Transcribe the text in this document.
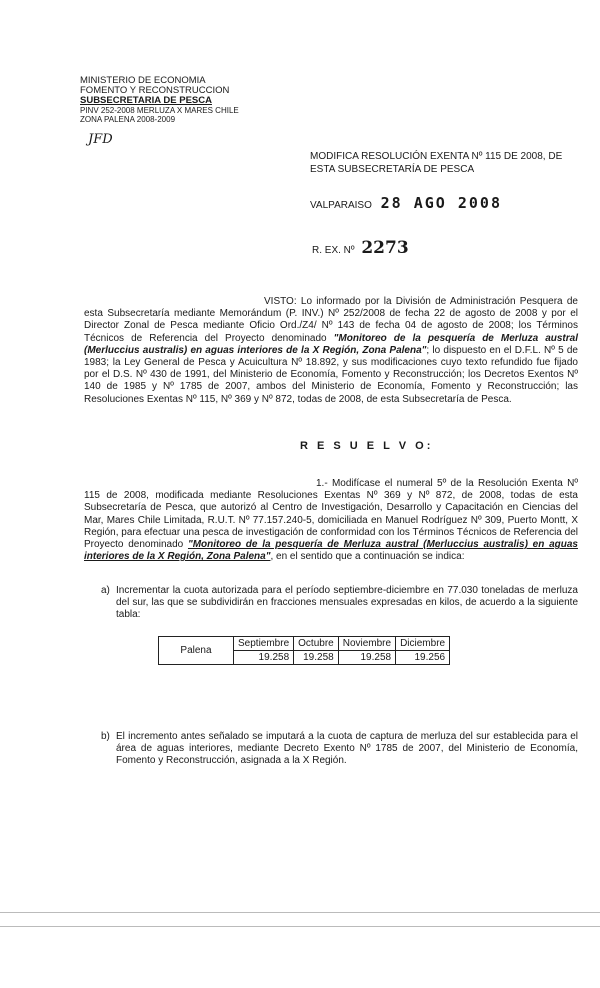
MINISTERIO DE ECONOMIA
FOMENTO Y RECONSTRUCCION
SUBSECRETARIA DE PESCA
PINV 252-2008 MERLUZA X MARES CHILE
ZONA PALENA 2008-2009
JFD
MODIFICA RESOLUCIÓN EXENTA Nº 115 DE 2008, DE ESTA SUBSECRETARÍA DE PESCA
VALPARAISO 28 AGO 2008
R. EX. Nº 2273
VISTO: Lo informado por la División de Administración Pesquera de esta Subsecretaría mediante Memorándum (P. INV.) Nº 252/2008 de fecha 22 de agosto de 2008 y por el Director Zonal de Pesca mediante Oficio Ord./Z4/ Nº 143 de fecha 04 de agosto de 2008; los Términos Técnicos de Referencia del Proyecto denominado "Monitoreo de la pesquería de Merluza austral (Merluccius australis) en aguas interiores de la X Región, Zona Palena"; lo dispuesto en el D.F.L. Nº 5 de 1983; la Ley General de Pesca y Acuicultura Nº 18.892, y sus modificaciones cuyo texto refundido fue fijado por el D.S. Nº 430 de 1991, del Ministerio de Economía, Fomento y Reconstrucción; los Decretos Exentos Nº 140 de 1985 y Nº 1785 de 2007, ambos del Ministerio de Economía, Fomento y Reconstrucción; las Resoluciones Exentas Nº 115, Nº 369 y Nº 872, todas de 2008, de esta Subsecretaría de Pesca.
R E S U E L V O:
1.- Modifícase el numeral 5º de la Resolución Exenta Nº 115 de 2008, modificada mediante Resoluciones Exentas Nº 369 y Nº 872, de 2008, todas de esta Subsecretaría de Pesca, que autorizó al Centro de Investigación, Desarrollo y Capacitación en Ciencias del Mar, Mares Chile Limitada, R.U.T. Nº 77.157.240-5, domiciliada en Manuel Rodríguez Nº 309, Puerto Montt, X Región, para efectuar una pesca de investigación de conformidad con los Términos Técnicos de Referencia del Proyecto denominado "Monitoreo de la pesquería de Merluza austral (Merluccius australis) en aguas interiores de la X Región, Zona Palena", en el sentido que a continuación se indica:
a) Incrementar la cuota autorizada para el período septiembre-diciembre en 77.030 toneladas de merluza del sur, las que se subdividirán en fracciones mensuales expresadas en kilos, de acuerdo a la siguiente tabla:
Palena	Septiembre	Octubre	Noviembre	Diciembre
	19.258	19.258	19.258	19.256
b) El incremento antes señalado se imputará a la cuota de captura de merluza del sur establecida para el área de aguas interiores, mediante Decreto Exento Nº 1785 de 2007, del Ministerio de Economía, Fomento y Reconstrucción, asignada a la X Región.
